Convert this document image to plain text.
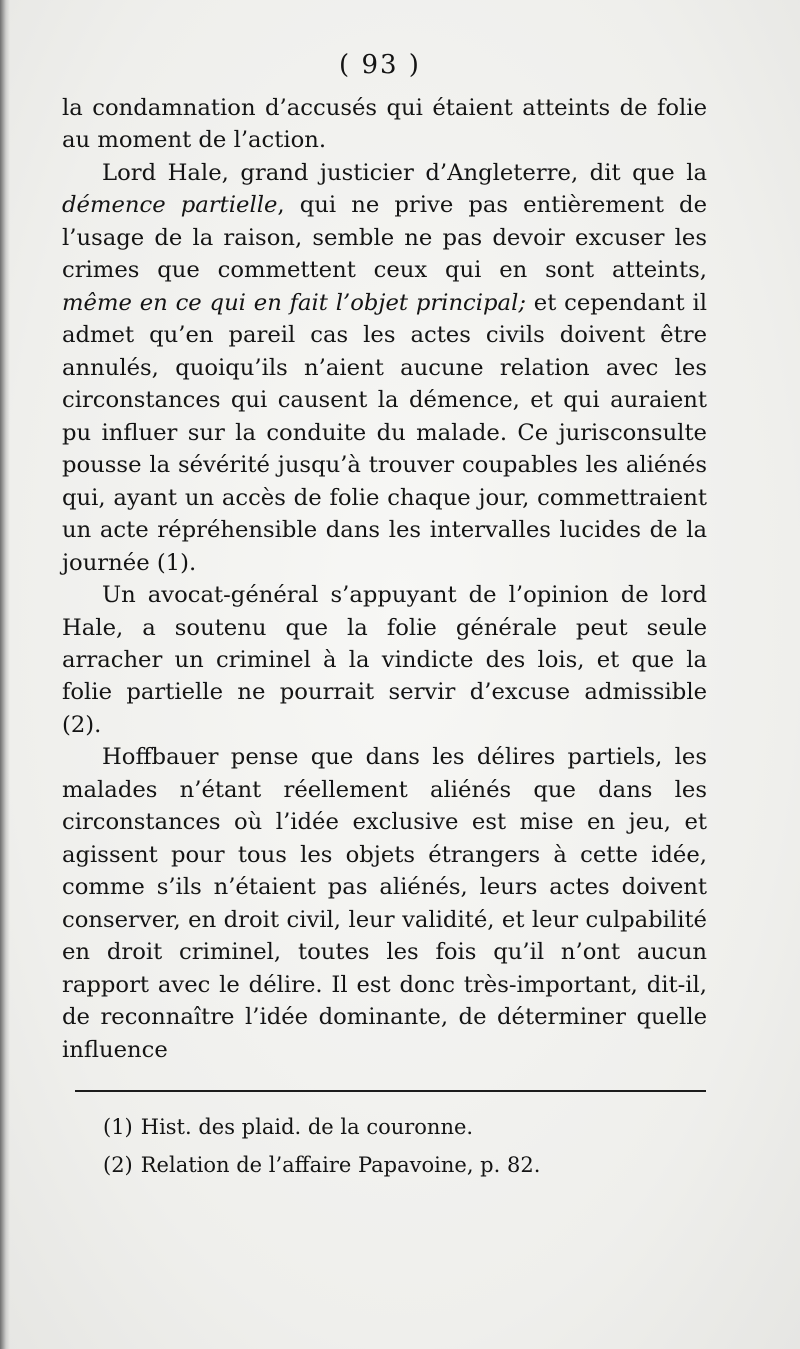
( 93 )

la condamnation d’accusés qui étaient atteints de folie au moment de l’action.

Lord Hale, grand justicier d’Angleterre, dit que la démence partielle, qui ne prive pas entièrement de l’usage de la raison, semble ne pas devoir excuser les crimes que commettent ceux qui en sont atteints, même en ce qui en fait l’objet principal; et cependant il admet qu’en pareil cas les actes civils doivent être annulés, quoiqu’ils n’aient aucune relation avec les circonstances qui causent la démence, et qui auraient pu influer sur la conduite du malade. Ce jurisconsulte pousse la sévérité jusqu’à trouver coupables les aliénés qui, ayant un accès de folie chaque jour, commettraient un acte répréhensible dans les intervalles lucides de la journée (1).

Un avocat-général s’appuyant de l’opinion de lord Hale, a soutenu que la folie générale peut seule arracher un criminel à la vindicte des lois, et que la folie partielle ne pourrait servir d’excuse admissible (2).

Hoffbauer pense que dans les délires partiels, les malades n’étant réellement aliénés que dans les circonstances où l’idée exclusive est mise en jeu, et agissent pour tous les objets étrangers à cette idée, comme s’ils n’étaient pas aliénés, leurs actes doivent conserver, en droit civil, leur validité, et leur culpabilité en droit criminel, toutes les fois qu’il n’ont aucun rapport avec le délire. Il est donc très-important, dit-il, de reconnaître l’idée dominante, de déterminer quelle influence

(1) Hist. des plaid. de la couronne.
(2) Relation de l’affaire Papavoine, p. 82.
